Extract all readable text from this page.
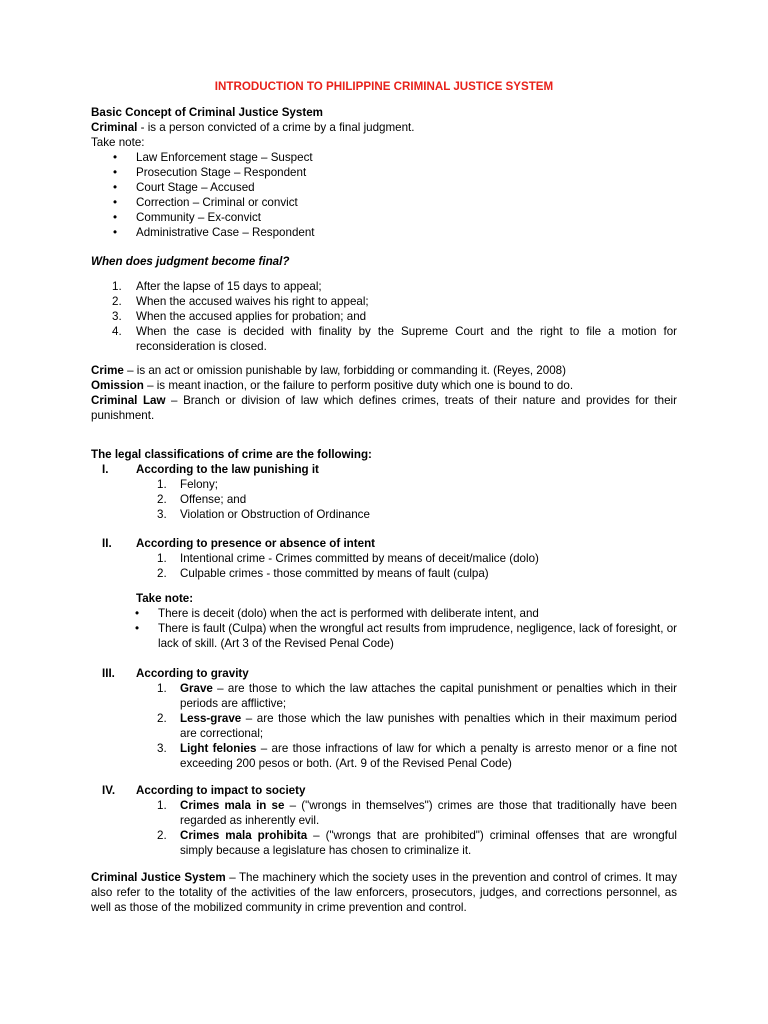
INTRODUCTION TO PHILIPPINE CRIMINAL JUSTICE SYSTEM
Basic Concept of Criminal Justice System
Criminal - is a person convicted of a crime by a final judgment.
Take note:
• Law Enforcement stage – Suspect
• Prosecution Stage – Respondent
• Court Stage – Accused
• Correction – Criminal or convict
• Community – Ex-convict
• Administrative Case – Respondent
When does judgment become final?
1. After the lapse of 15 days to appeal;
2. When the accused waives his right to appeal;
3. When the accused applies for probation; and
4. When the case is decided with finality by the Supreme Court and the right to file a motion for reconsideration is closed.
Crime – is an act or omission punishable by law, forbidding or commanding it. (Reyes, 2008)
Omission – is meant inaction, or the failure to perform positive duty which one is bound to do.
Criminal Law – Branch or division of law which defines crimes, treats of their nature and provides for their punishment.
The legal classifications of crime are the following:
I. According to the law punishing it
1. Felony;
2. Offense; and
3. Violation or Obstruction of Ordinance
II. According to presence or absence of intent
1. Intentional crime - Crimes committed by means of deceit/malice (dolo)
2. Culpable crimes - those committed by means of fault (culpa)
Take note:
• There is deceit (dolo) when the act is performed with deliberate intent, and
• There is fault (Culpa) when the wrongful act results from imprudence, negligence, lack of foresight, or lack of skill. (Art 3 of the Revised Penal Code)
III. According to gravity
1. Grave – are those to which the law attaches the capital punishment or penalties which in their periods are afflictive;
2. Less-grave – are those which the law punishes with penalties which in their maximum period are correctional;
3. Light felonies – are those infractions of law for which a penalty is arresto menor or a fine not exceeding 200 pesos or both. (Art. 9 of the Revised Penal Code)
IV. According to impact to society
1. Crimes mala in se – ("wrongs in themselves") crimes are those that traditionally have been regarded as inherently evil.
2. Crimes mala prohibita – ("wrongs that are prohibited") criminal offenses that are wrongful simply because a legislature has chosen to criminalize it.
Criminal Justice System – The machinery which the society uses in the prevention and control of crimes. It may also refer to the totality of the activities of the law enforcers, prosecutors, judges, and corrections personnel, as well as those of the mobilized community in crime prevention and control.
